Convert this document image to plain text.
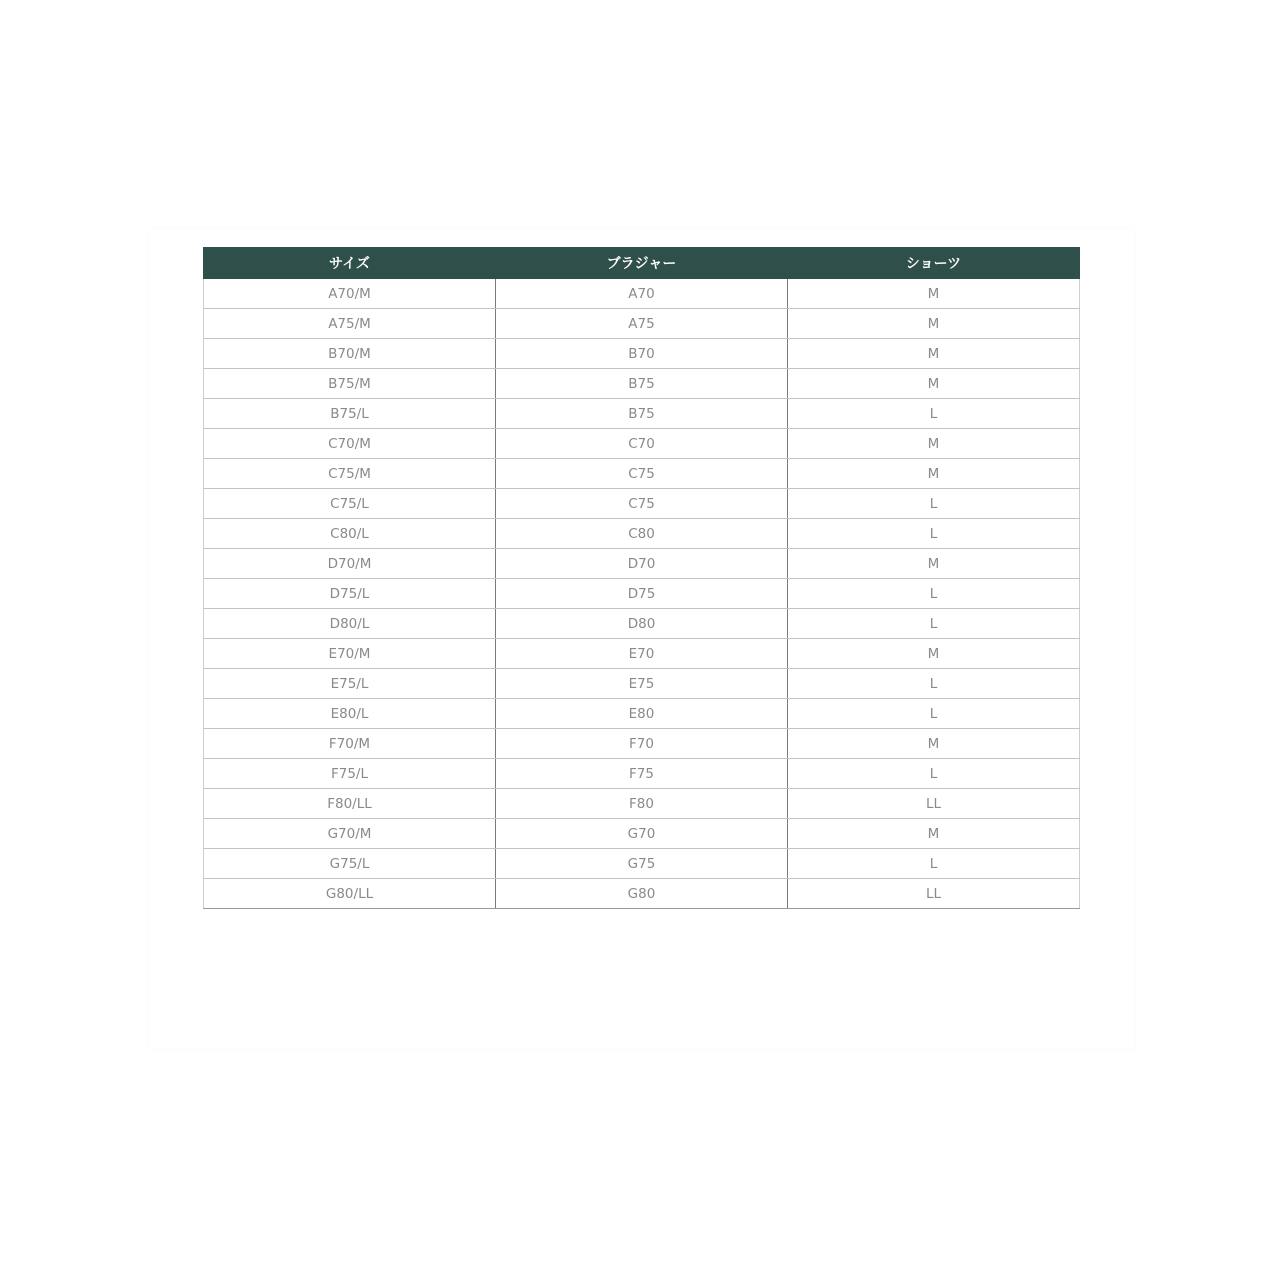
サイズ	ブラジャー	ショーツ
A70/M	A70	M
A75/M	A75	M
B70/M	B70	M
B75/M	B75	M
B75/L	B75	L
C70/M	C70	M
C75/M	C75	M
C75/L	C75	L
C80/L	C80	L
D70/M	D70	M
D75/L	D75	L
D80/L	D80	L
E70/M	E70	M
E75/L	E75	L
E80/L	E80	L
F70/M	F70	M
F75/L	F75	L
F80/LL	F80	LL
G70/M	G70	M
G75/L	G75	L
G80/LL	G80	LL
